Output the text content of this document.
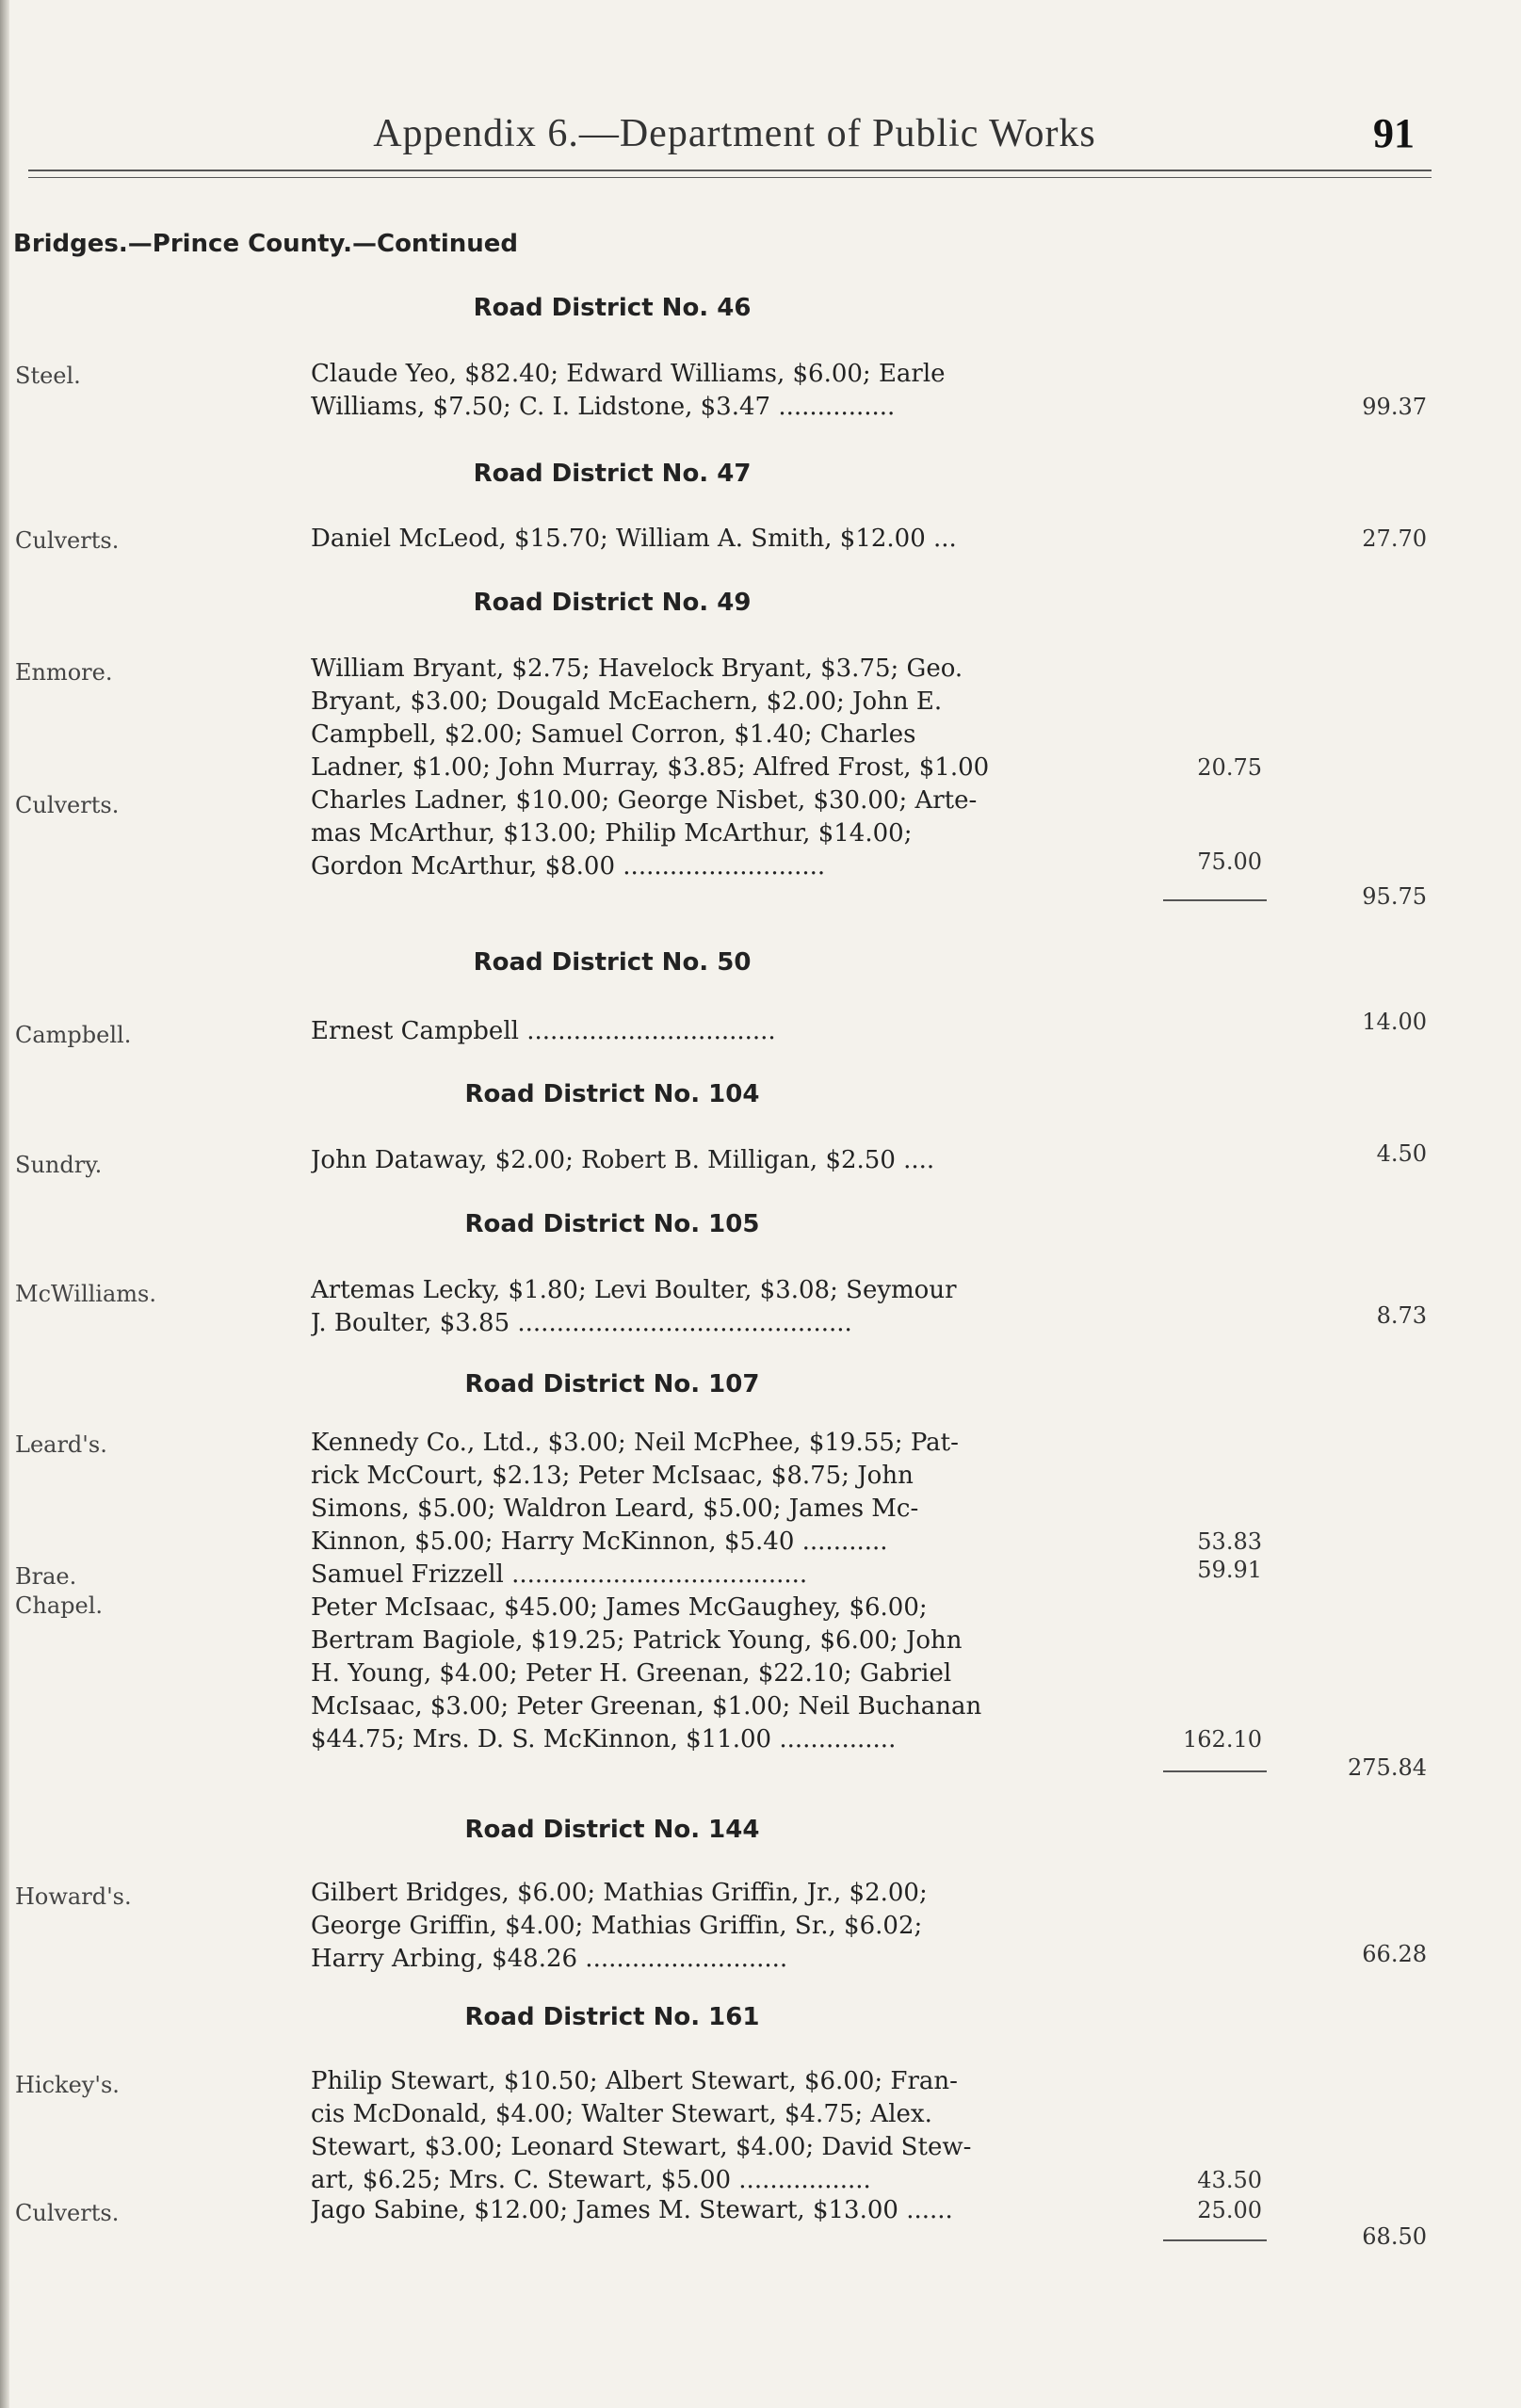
Appendix 6.—Department of Public Works	91
Bridges.—Prince County.—Continued
Road District No. 46
Steel.	Claude Yeo, $82.40; Edward Williams, $6.00; Earle
Williams, $7.50; C. I. Lidstone, $3.47 ...............	99.37
Road District No. 47
Culverts.	Daniel McLeod, $15.70; William A. Smith, $12.00 ...	27.70
Road District No. 49
Enmore.	William Bryant, $2.75; Havelock Bryant, $3.75; Geo.
Bryant, $3.00; Dougald McEachern, $2.00; John E.
Campbell, $2.00; Samuel Corron, $1.40; Charles
Ladner, $1.00; John Murray, $3.85; Alfred Frost, $1.00	20.75
Culverts.	Charles Ladner, $10.00; George Nisbet, $30.00; Arte-
mas McArthur, $13.00; Philip McArthur, $14.00;
Gordon McArthur, $8.00 ..........................	75.00
95.75
Road District No. 50
Campbell.	Ernest Campbell ................................	14.00
Road District No. 104
Sundry.	John Dataway, $2.00; Robert B. Milligan, $2.50 ....	4.50
Road District No. 105
McWilliams.	Artemas Lecky, $1.80; Levi Boulter, $3.08; Seymour
J. Boulter, $3.85 ...........................................	8.73
Road District No. 107
Leard's.	Kennedy Co., Ltd., $3.00; Neil McPhee, $19.55; Pat-
rick McCourt, $2.13; Peter McIsaac, $8.75; John
Simons, $5.00; Waldron Leard, $5.00; James Mc-
Kinnon, $5.00; Harry McKinnon, $5.40 ...........	53.83
Brae.	Samuel Frizzell ......................................	59.91
Chapel.	Peter McIsaac, $45.00; James McGaughey, $6.00;
Bertram Bagiole, $19.25; Patrick Young, $6.00; John
H. Young, $4.00; Peter H. Greenan, $22.10; Gabriel
McIsaac, $3.00; Peter Greenan, $1.00; Neil Buchanan
$44.75; Mrs. D. S. McKinnon, $11.00 ...............	162.10
275.84
Road District No. 144
Howard's.	Gilbert Bridges, $6.00; Mathias Griffin, Jr., $2.00;
George Griffin, $4.00; Mathias Griffin, Sr., $6.02;
Harry Arbing, $48.26 ..........................	66.28
Road District No. 161
Hickey's.	Philip Stewart, $10.50; Albert Stewart, $6.00; Fran-
cis McDonald, $4.00; Walter Stewart, $4.75; Alex.
Stewart, $3.00; Leonard Stewart, $4.00; David Stew-
art, $6.25; Mrs. C. Stewart, $5.00 .................	43.50
Culverts.	Jago Sabine, $12.00; James M. Stewart, $13.00 ......	25.00
68.50
